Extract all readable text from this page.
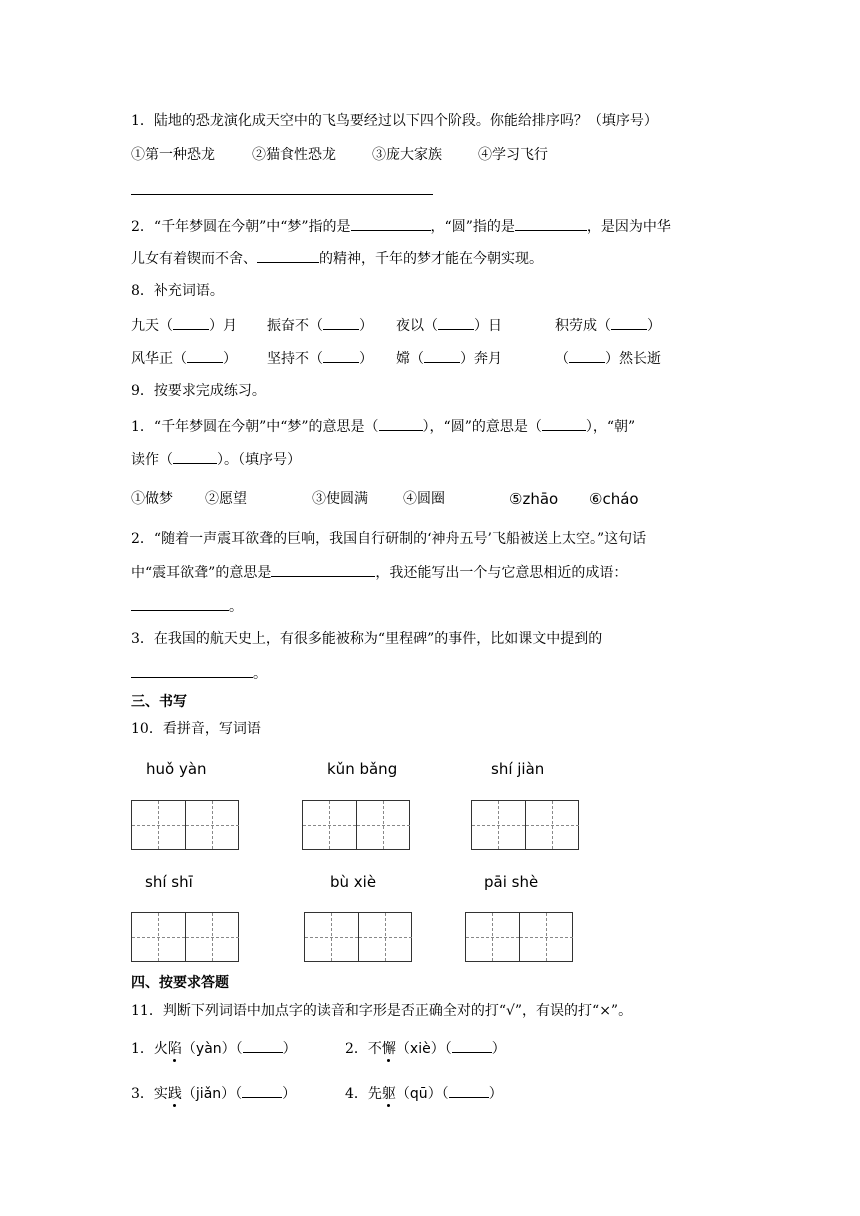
1．陆地的恐龙演化成天空中的飞鸟要经过以下四个阶段。你能给排序吗？（填序号）
①第一种恐龙	②猫食性恐龙	③庞大家族	④学习飞行
2．“千年梦圆在今朝”中“梦”指的是	，“圆”指的是	，是因为中华
儿女有着锲而不舍、	的精神，千年的梦才能在今朝实现。
8．补充词语。
九天（	）月 振奋不（	） 夜以（	）日	积劳成（	）
风华正（	） 坚持不（	） 嫦（	）奔月	（	）然长逝
9．按要求完成练习。
1．“千年梦圆在今朝”中“梦”的意思是（	），“圆”的意思是（	），“朝”
读作（	）。（填序号）
①做梦 ②愿望	③使圆满	④圆圈	⑤zhāo ⑥cháo
2．“随着一声震耳欲聋的巨响，我国自行研制的‘神舟五号’飞船被送上太空。”这句话
中“震耳欲聋”的意思是	，我还能写出一个与它意思相近的成语：
。
3．在我国的航天史上，有很多能被称为“里程碑”的事件，比如课文中提到的
。
三、书写
10．看拼音，写词语
huǒ yàn	kǔn bǎng	shí jiàn
shí shī	bù xiè	pāi shè
四、按要求答题
11．判断下列词语中加点字的读音和字形是否正确全对的打“√”，有误的打“×”。
1．火陷（yàn）（	）	2．不懈（xiè）（	）
3．实践（jiǎn）（	）	4．先躯（qū）（	）
